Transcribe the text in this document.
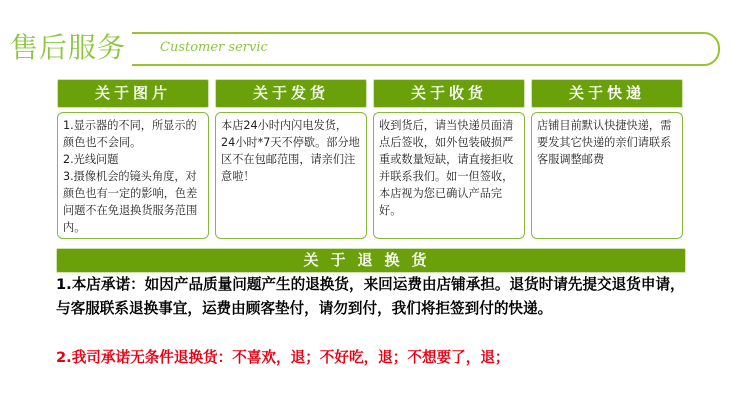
售后服务	Customer servic
关于图片
1.显示器的不同，所显示的颜色也不会同。
2.光线问题
3.摄像机会的镜头角度，对颜色也有一定的影响，色差问题不在免退换货服务范围内。
关于发货
本店24小时内闪电发货，24小时*7天不停歇。部分地区不在包邮范围，请亲们注意啦！
关于收货
收到货后，请当快递员面清点后签收，如外包装破损严重或数量短缺，请直接拒收并联系我们。如一但签收，本店视为您已确认产品完好。
关于快递
店铺目前默认快捷快递，需要发其它快递的亲们请联系客服调整邮费
关于退换货
1.本店承诺：如因产品质量问题产生的退换货，来回运费由店铺承担。退货时请先提交退货申请，与客服联系退换事宜，运费由顾客垫付，请勿到付，我们将拒签到付的快递。
2.我司承诺无条件退换货：不喜欢，退；不好吃，退；不想要了，退；
